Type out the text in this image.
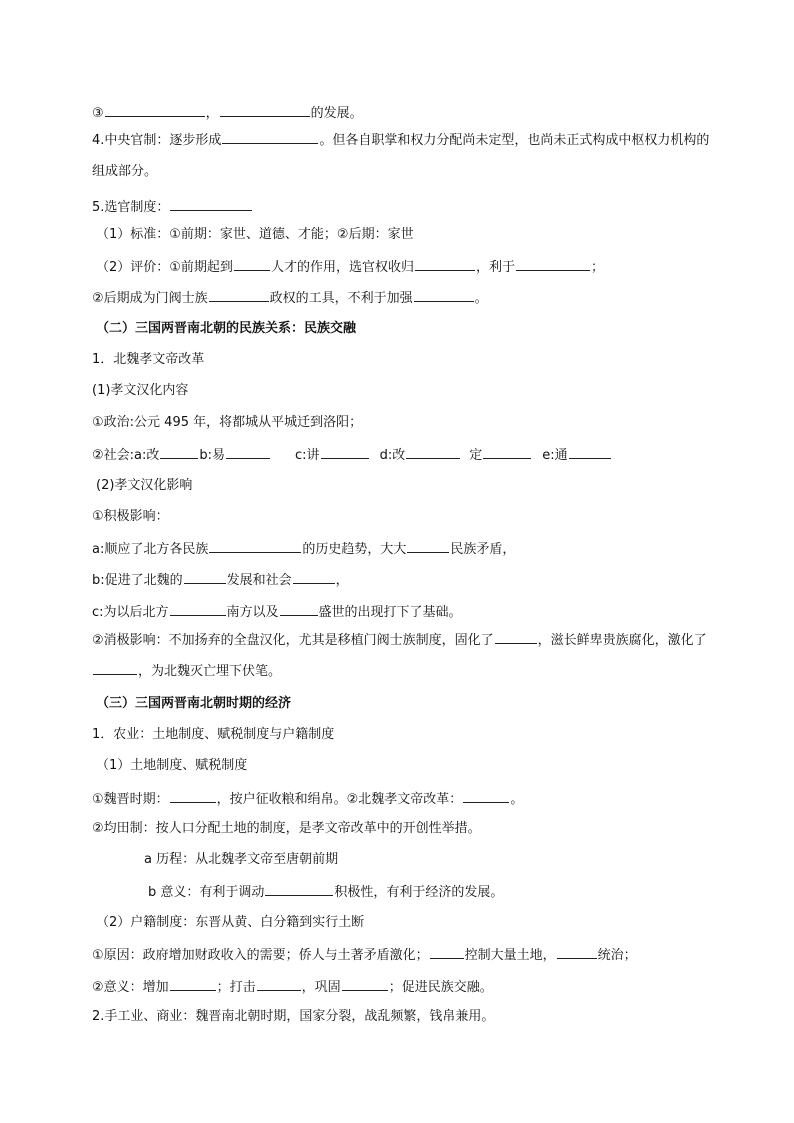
③	，	的发展。
4.中央官制：逐步形成	。但各自职掌和权力分配尚未定型，也尚未正式构成中枢权力机构的组成部分。
5.选官制度：
（1）标准：①前期：家世、道德、才能；②后期：家世
（2）评价：①前期起到	人才的作用，选官权收归	，利于	；
②后期成为门阀士族	政权的工具，不利于加强	。
（二）三国两晋南北朝的民族关系：民族交融
1．北魏孝文帝改革
(1)孝文汉化内容
①政治:公元 495 年，将都城从平城迁到洛阳；
②社会:a:改	b:易	c:讲	d:改	定	e:通
(2)孝文汉化影响
①积极影响：
a:顺应了北方各民族	的历史趋势，大大	民族矛盾，
b:促进了北魏的	发展和社会	，
c:为以后北方	南方以及	盛世的出现打下了基础。
②消极影响：不加扬弃的全盘汉化，尤其是移植门阀士族制度，固化了	，滋长鲜卑贵族腐化，激化了，为北魏灭亡埋下伏笔。
（三）三国两晋南北朝时期的经济
1．农业：土地制度、赋税制度与户籍制度
（1）土地制度、赋税制度
①魏晋时期：	，按户征收粮和绢帛。②北魏孝文帝改革：	。
②均田制：按人口分配土地的制度，是孝文帝改革中的开创性举措。
a 历程：从北魏孝文帝至唐朝前期
b 意义：有利于调动	积极性，有利于经济的发展。
（2）户籍制度：东晋从黄、白分籍到实行土断
①原因：政府增加财政收入的需要；侨人与土著矛盾激化；	控制大量土地，	统治；
②意义：增加	；打击	，巩固	；促进民族交融。
2.手工业、商业：魏晋南北朝时期，国家分裂，战乱频繁，钱帛兼用。
